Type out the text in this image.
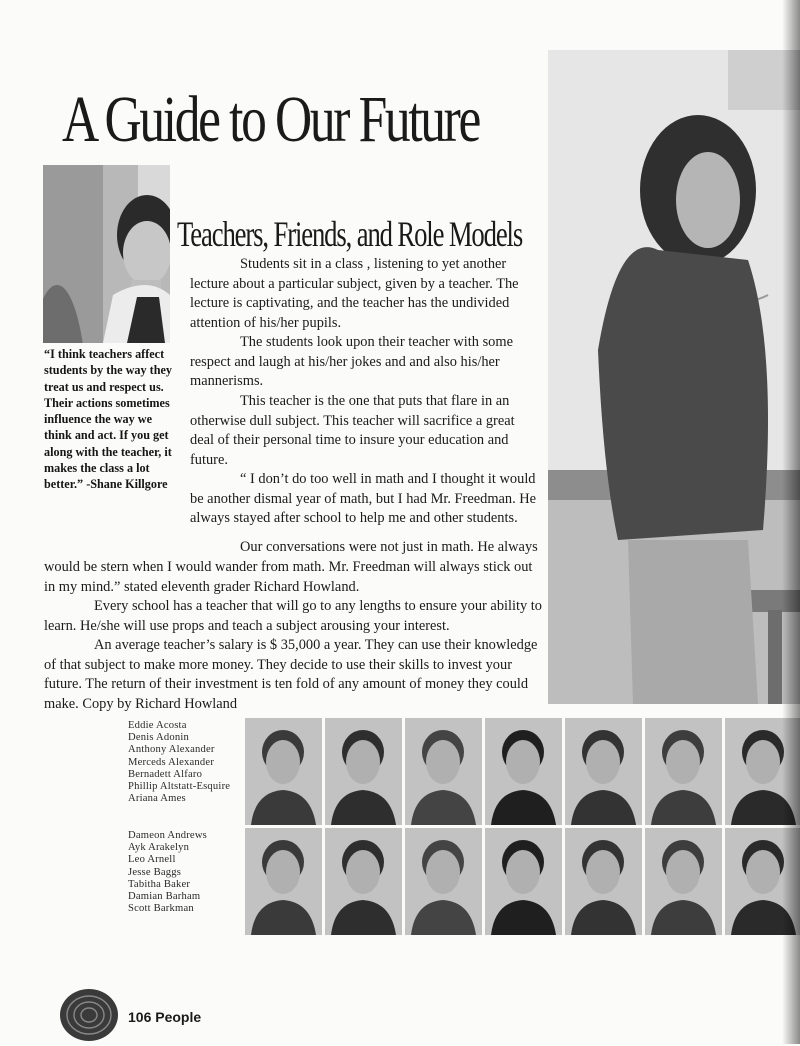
A Guide to Our Future
Teachers, Friends, and Role Models
“I think teachers affect students by the way they treat us and respect us. Their actions sometimes influence the way we think and act. If you get along with the teacher, it makes the class a lot better.” -Shane Killgore
Students sit in a class , listening to yet another lecture about a particular subject, given by a teacher. The lecture is captivating, and the teacher has the undivided attention of his/her pupils.
The students look upon their teacher with some respect and laugh at his/her jokes and and also his/her mannerisms.
This teacher is the one that puts that flare in an otherwise dull subject. This teacher will sacrifice a great deal of their personal time to insure your education and future.
“ I don’t do too well in math and I thought it would be another dismal year of math, but I had Mr. Freedman. He always stayed after school to help me and other students.
Our conversations were not just in math. He always
would be stern when I would wander from math. Mr. Freedman will always stick out in my mind.” stated eleventh grader Richard Howland.
Every school has a teacher that will go to any lengths to ensure your ability to learn. He/she will use props and teach a subject arousing your interest.
An average teacher’s salary is $ 35,000 a year. They can use their knowledge of that subject to make more money. They decide to use their skills to invest your future. The return of their investment is ten fold of any amount of money they could make. Copy by Richard Howland
Eddie Acosta
Denis Adonin
Anthony Alexander
Merceds Alexander
Bernadett Alfaro
Phillip Altstatt-Esquire
Ariana Ames
Dameon Andrews
Ayk Arakelyn
Leo Arnell
Jesse Baggs
Tabitha Baker
Damian Barham
Scott Barkman
106 People
